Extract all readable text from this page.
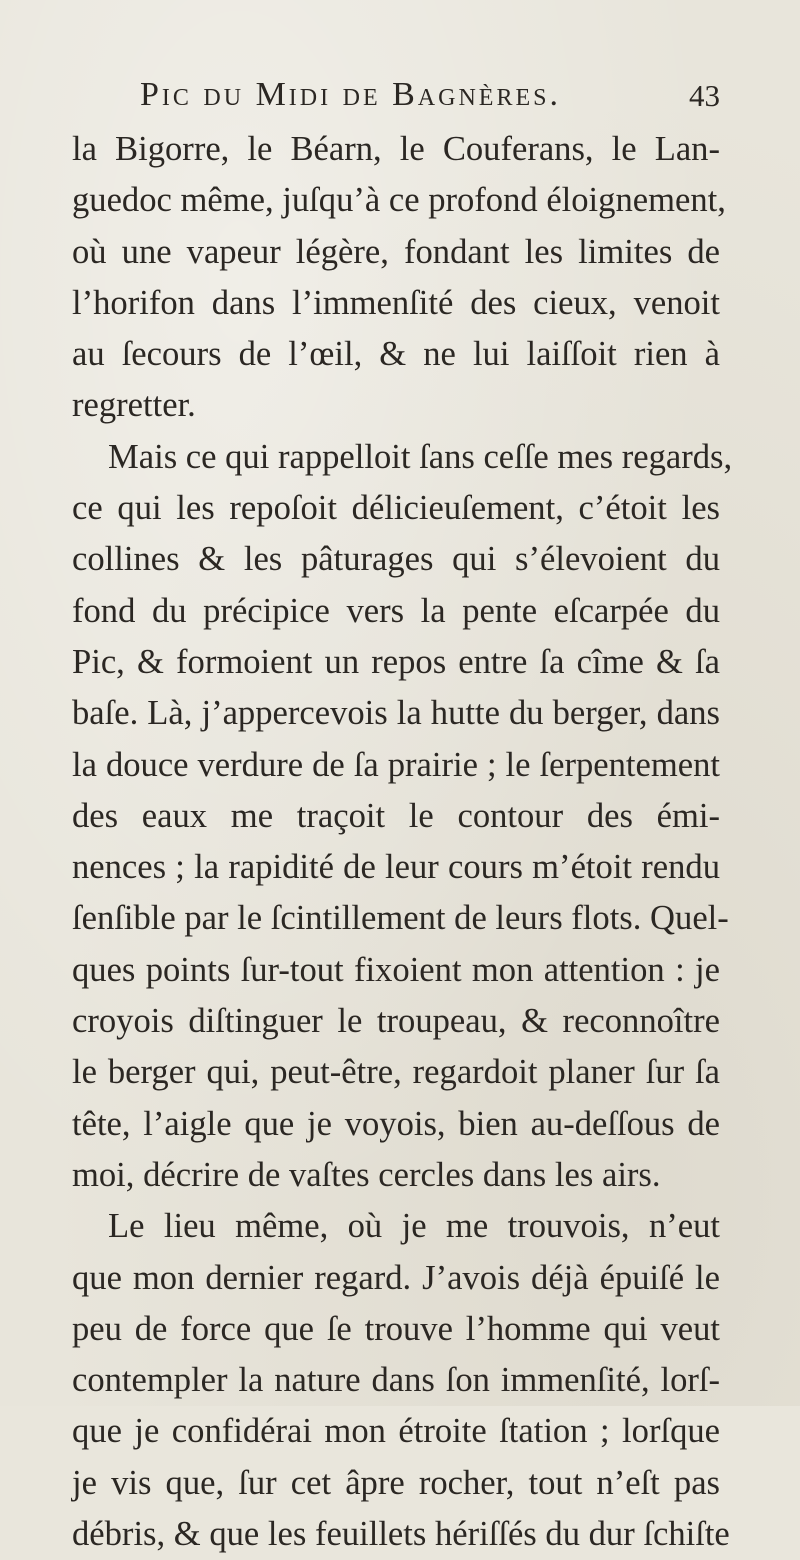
Pic du Midi de Bagnères.	43
la Bigorre, le Béarn, le Couferans, le Lan-
guedoc même, juſqu’à ce profond éloignement,
où une vapeur légère, fondant les limites de
l’horifon dans l’immenſité des cieux, venoit
au ſecours de l’œil, & ne lui laiſſoit rien à
regretter.
Mais ce qui rappelloit ſans ceſſe mes regards,
ce qui les repoſoit délicieuſement, c’étoit les
collines & les pâturages qui s’élevoient du
fond du précipice vers la pente eſcarpée du
Pic, & formoient un repos entre ſa cîme & ſa
baſe. Là, j’appercevois la hutte du berger, dans
la douce verdure de ſa prairie ; le ſerpentement
des eaux me traçoit le contour des émi-
nences ; la rapidité de leur cours m’étoit rendu
ſenſible par le ſcintillement de leurs flots. Quel-
ques points ſur-tout fixoient mon attention : je
croyois diſtinguer le troupeau, & reconnoître
le berger qui, peut-être, regardoit planer ſur ſa
tête, l’aigle que je voyois, bien au-deſſous de
moi, décrire de vaſtes cercles dans les airs.
Le lieu même, où je me trouvois, n’eut
que mon dernier regard. J’avois déjà épuiſé le
peu de force que ſe trouve l’homme qui veut
contempler la nature dans ſon immenſité, lorſ-
que je confidérai mon étroite ſtation ; lorſque
je vis que, ſur cet âpre rocher, tout n’eſt pas
débris, & que les feuillets hériſſés du dur ſchiſte
